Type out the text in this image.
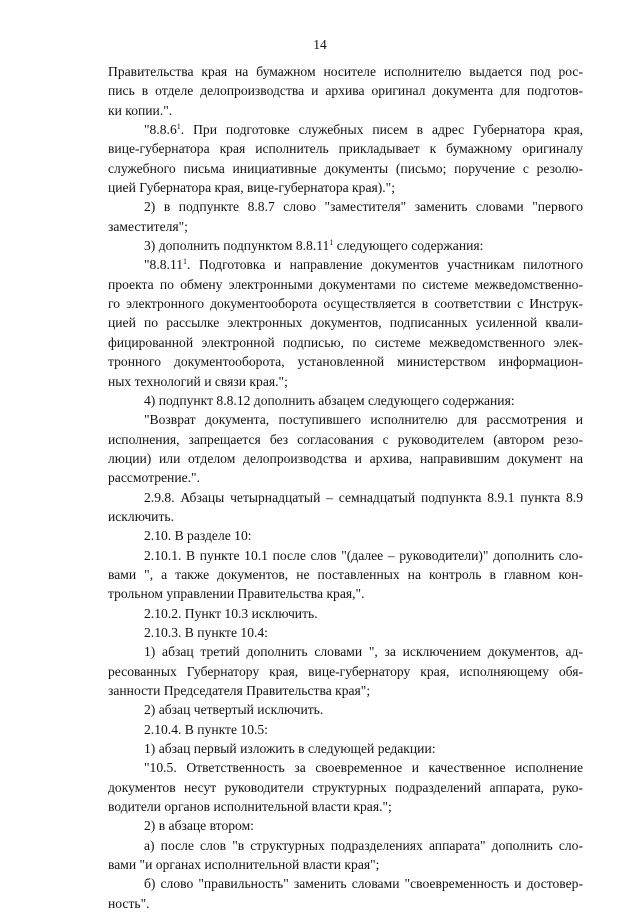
14
Правительства края на бумажном носителе исполнителю выдается под рос-
пись в отделе делопроизводства и архива оригинал документа для подготов-
ки копии.".
"8.8.6$^1$. При подготовке служебных писем в адрес Губернатора края,
вице-губернатора края исполнитель прикладывает к бумажному оригиналу
служебного письма инициативные документы (письмо; поручение с резолю-
цией Губернатора края, вице-губернатора края).";
2) в подпункте 8.8.7 слово "заместителя" заменить словами "первого
заместителя";
3) дополнить подпунктом 8.8.11$^1$ следующего содержания:
"8.8.11$^1$. Подготовка и направление документов участникам пилотного
проекта по обмену электронными документами по системе межведомственно-
го электронного документооборота осуществляется в соответствии с Инструк-
цией по рассылке электронных документов, подписанных усиленной квали-
фицированной электронной подписью, по системе межведомственного элек-
тронного документооборота, установленной министерством информацион-
ных технологий и связи края.";
4) подпункт 8.8.12 дополнить абзацем следующего содержания:
"Возврат документа, поступившего исполнителю для рассмотрения и
исполнения, запрещается без согласования с руководителем (автором резо-
люции) или отделом делопроизводства и архива, направившим документ на
рассмотрение.".
2.9.8. Абзацы четырнадцатый – семнадцатый подпункта 8.9.1 пункта 8.9
исключить.
2.10. В разделе 10:
2.10.1. В пункте 10.1 после слов "(далее – руководители)" дополнить сло-
вами ", а также документов, не поставленных на контроль в главном кон-
трольном управлении Правительства края,".
2.10.2. Пункт 10.3 исключить.
2.10.3. В пункте 10.4:
1) абзац третий дополнить словами ", за исключением документов, ад-
ресованных Губернатору края, вице-губернатору края, исполняющему обя-
занности Председателя Правительства края";
2) абзац четвертый исключить.
2.10.4. В пункте 10.5:
1) абзац первый изложить в следующей редакции:
"10.5. Ответственность за своевременное и качественное исполнение
документов несут руководители структурных подразделений аппарата, руко-
водители органов исполнительной власти края.";
2) в абзаце втором:
а) после слов "в структурных подразделениях аппарата" дополнить сло-
вами "и органах исполнительной власти края";
б) слово "правильность" заменить словами "своевременность и достовер-
ность".
